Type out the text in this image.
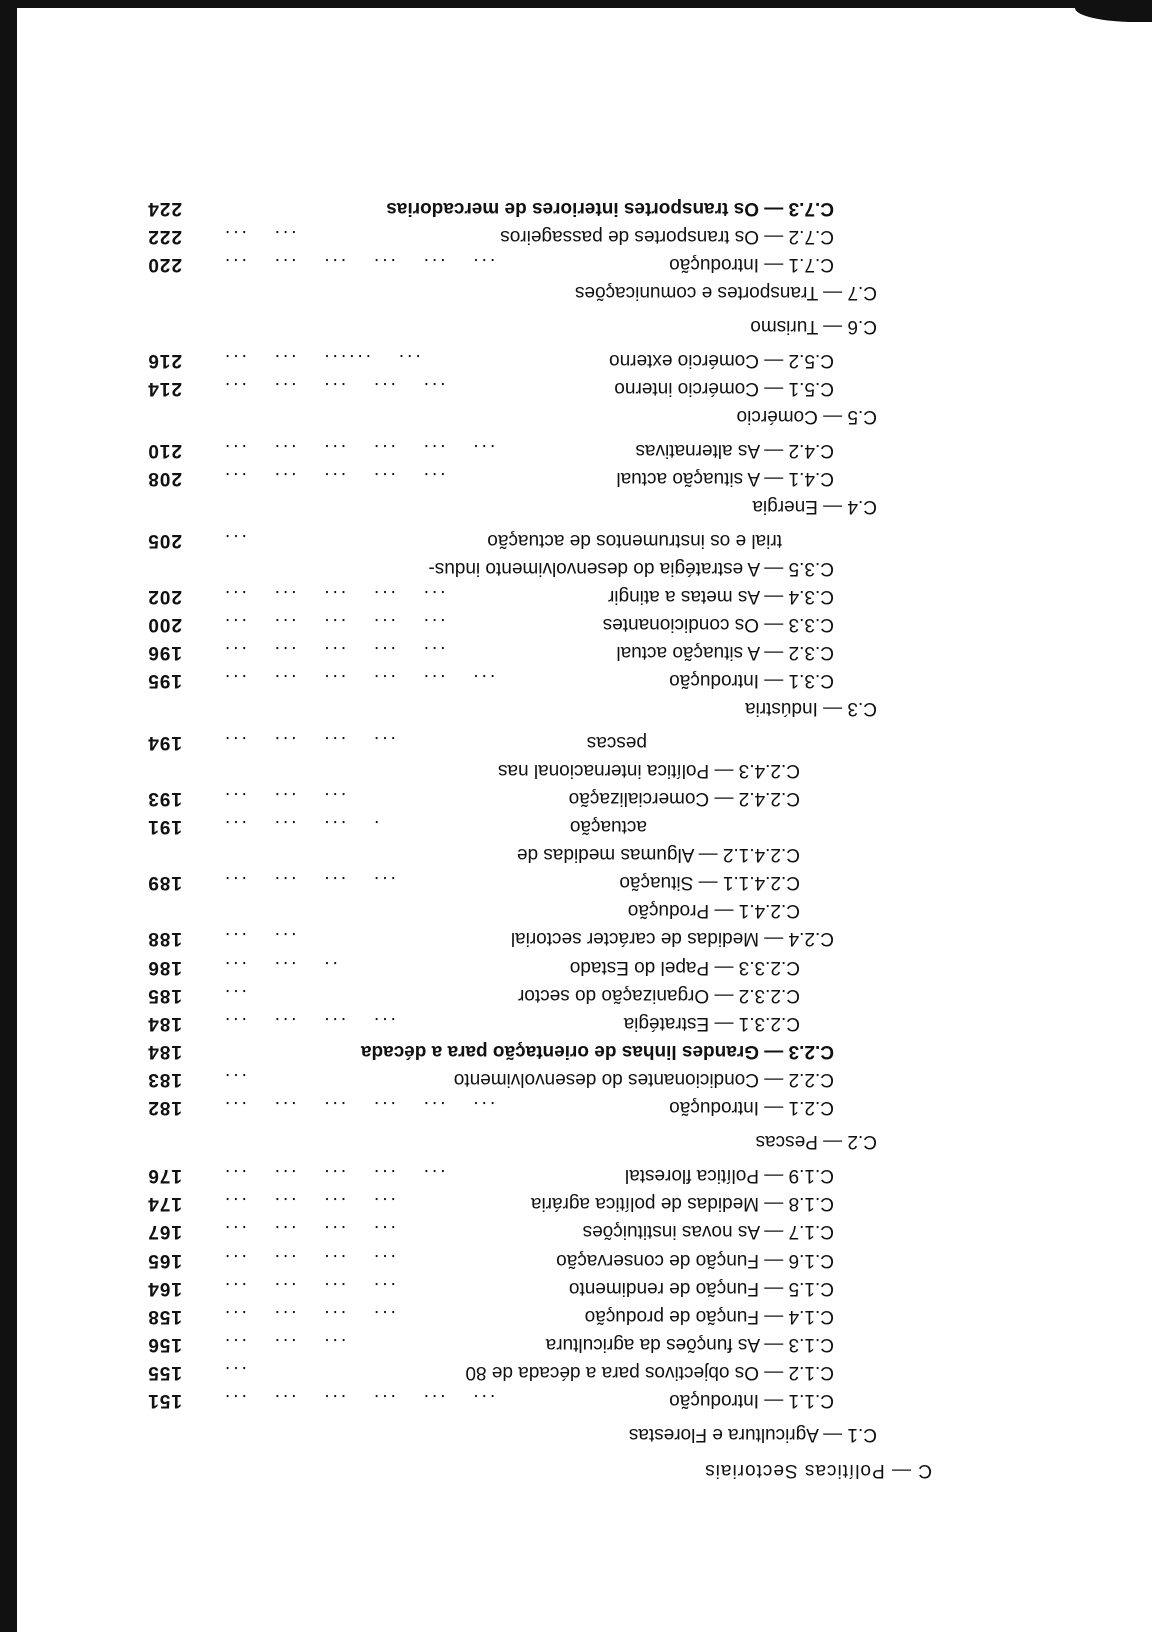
C — Políticas Sectoriais
C.1 — Agricultura e Florestas
C.1.1 — Introdução
...   ...   ...   ...   ...   ...
151
C.1.2 — Os objectivos para a década de 80
...
155
C.1.3 — As funções da agricultura
...   ...   ...
156
C.1.4 — Função de produção
...   ...   ...   ...
158
C.1.5 — Função de rendimento
...   ...   ...   ...
164
C.1.6 — Função de conservação
...   ...   ...   ...
165
C.1.7 — As novas instituições
...   ...   ...   ...
167
C.1.8 — Medidas de política agrária
...   ...   ...   ...
174
C.1.9 — Política florestal
...   ...   ...   ...   ...
176
C.2 — Pescas
C.2.1 — Introdução
...   ...   ...   ...   ...   ...
182
C.2.2 — Condicionantes do desenvolvimento
...
183
C.2.3 — Grandes linhas de orientação para a década
184
C.2.3.1 — Estratégia
...   ...   ...   ...
184
C.2.3.2 — Organização do sector
...
185
C.2.3.3 — Papel do Estado
..   ...   ...
186
C.2.4 — Medidas de carácter sectorial
...   ...
188
C.2.4.1 — Produção
C.2.4.1.1 — Situação
...   ...   ...   ...
189
C.2.4.1.2 — Algumas medidas de
actuação
.   ...   ...   ...
191
C.2.4.2 — Comercialização
...   ...   ...
193
C.2.4.3 — Política internacional nas
pescas
...   ...   ...   ...
194
C.3 — Indústria
C.3.1 — Introdução
...   ...   ...   ...   ...   ...
195
C.3.2 — A situação actual
...   ...   ...   ...   ...
196
C.3.3 — Os condicionantes
...   ...   ...   ...   ...
200
C.3.4 — As metas a atingir
...   ...   ...   ...   ...
202
C.3.5 — A estratégia do desenvolvimento indus-
trial e os instrumentos de actuação
...
205
C.4 — Energia
C.4.1 — A situação actual
...   ...   ...   ...   ...
208
C.4.2 — As alternativas
...   ...   ...   ...   ...   ...
210
C.5 — Comércio
C.5.1 — Comércio interno
...   ...   ...   ...   ...
214
C.5.2 — Comércio externo
...   ......   ...   ...
216
C.6 — Turismo
C.7 — Transportes e comunicações
C.7.1 — Introdução
...   ...   ...   ...   ...   ...
220
C.7.2 — Os transportes de passageiros
...   ...
222
C.7.3 — Os transportes interiores de mercadorias
224
